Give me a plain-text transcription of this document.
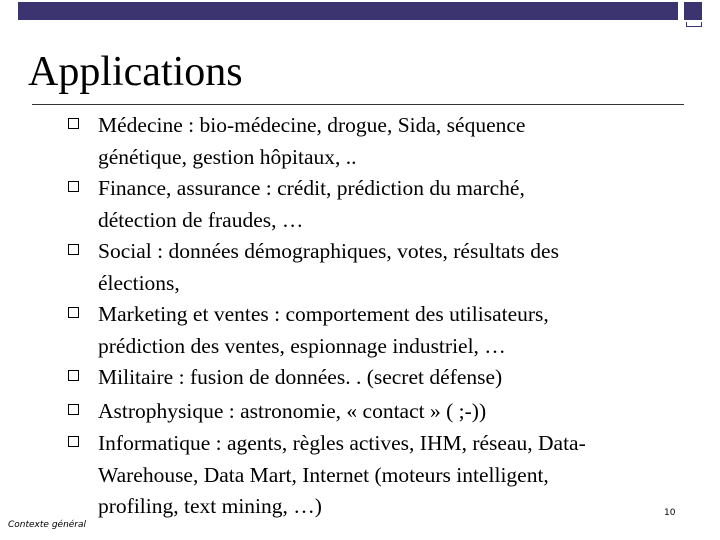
Applications
Médecine : bio-médecine, drogue, Sida, séquence
génétique, gestion hôpitaux, ..
Finance, assurance : crédit, prédiction du marché,
détection de fraudes, …
Social : données démographiques, votes, résultats des
élections,
Marketing et ventes : comportement des utilisateurs,
prédiction des ventes, espionnage industriel, …
Militaire : fusion de données. . (secret défense)
Astrophysique : astronomie, « contact » ( ;-))
Informatique : agents, règles actives, IHM, réseau, Data-
Warehouse, Data Mart, Internet (moteurs intelligent,
profiling, text mining, …)
Contexte général
10
